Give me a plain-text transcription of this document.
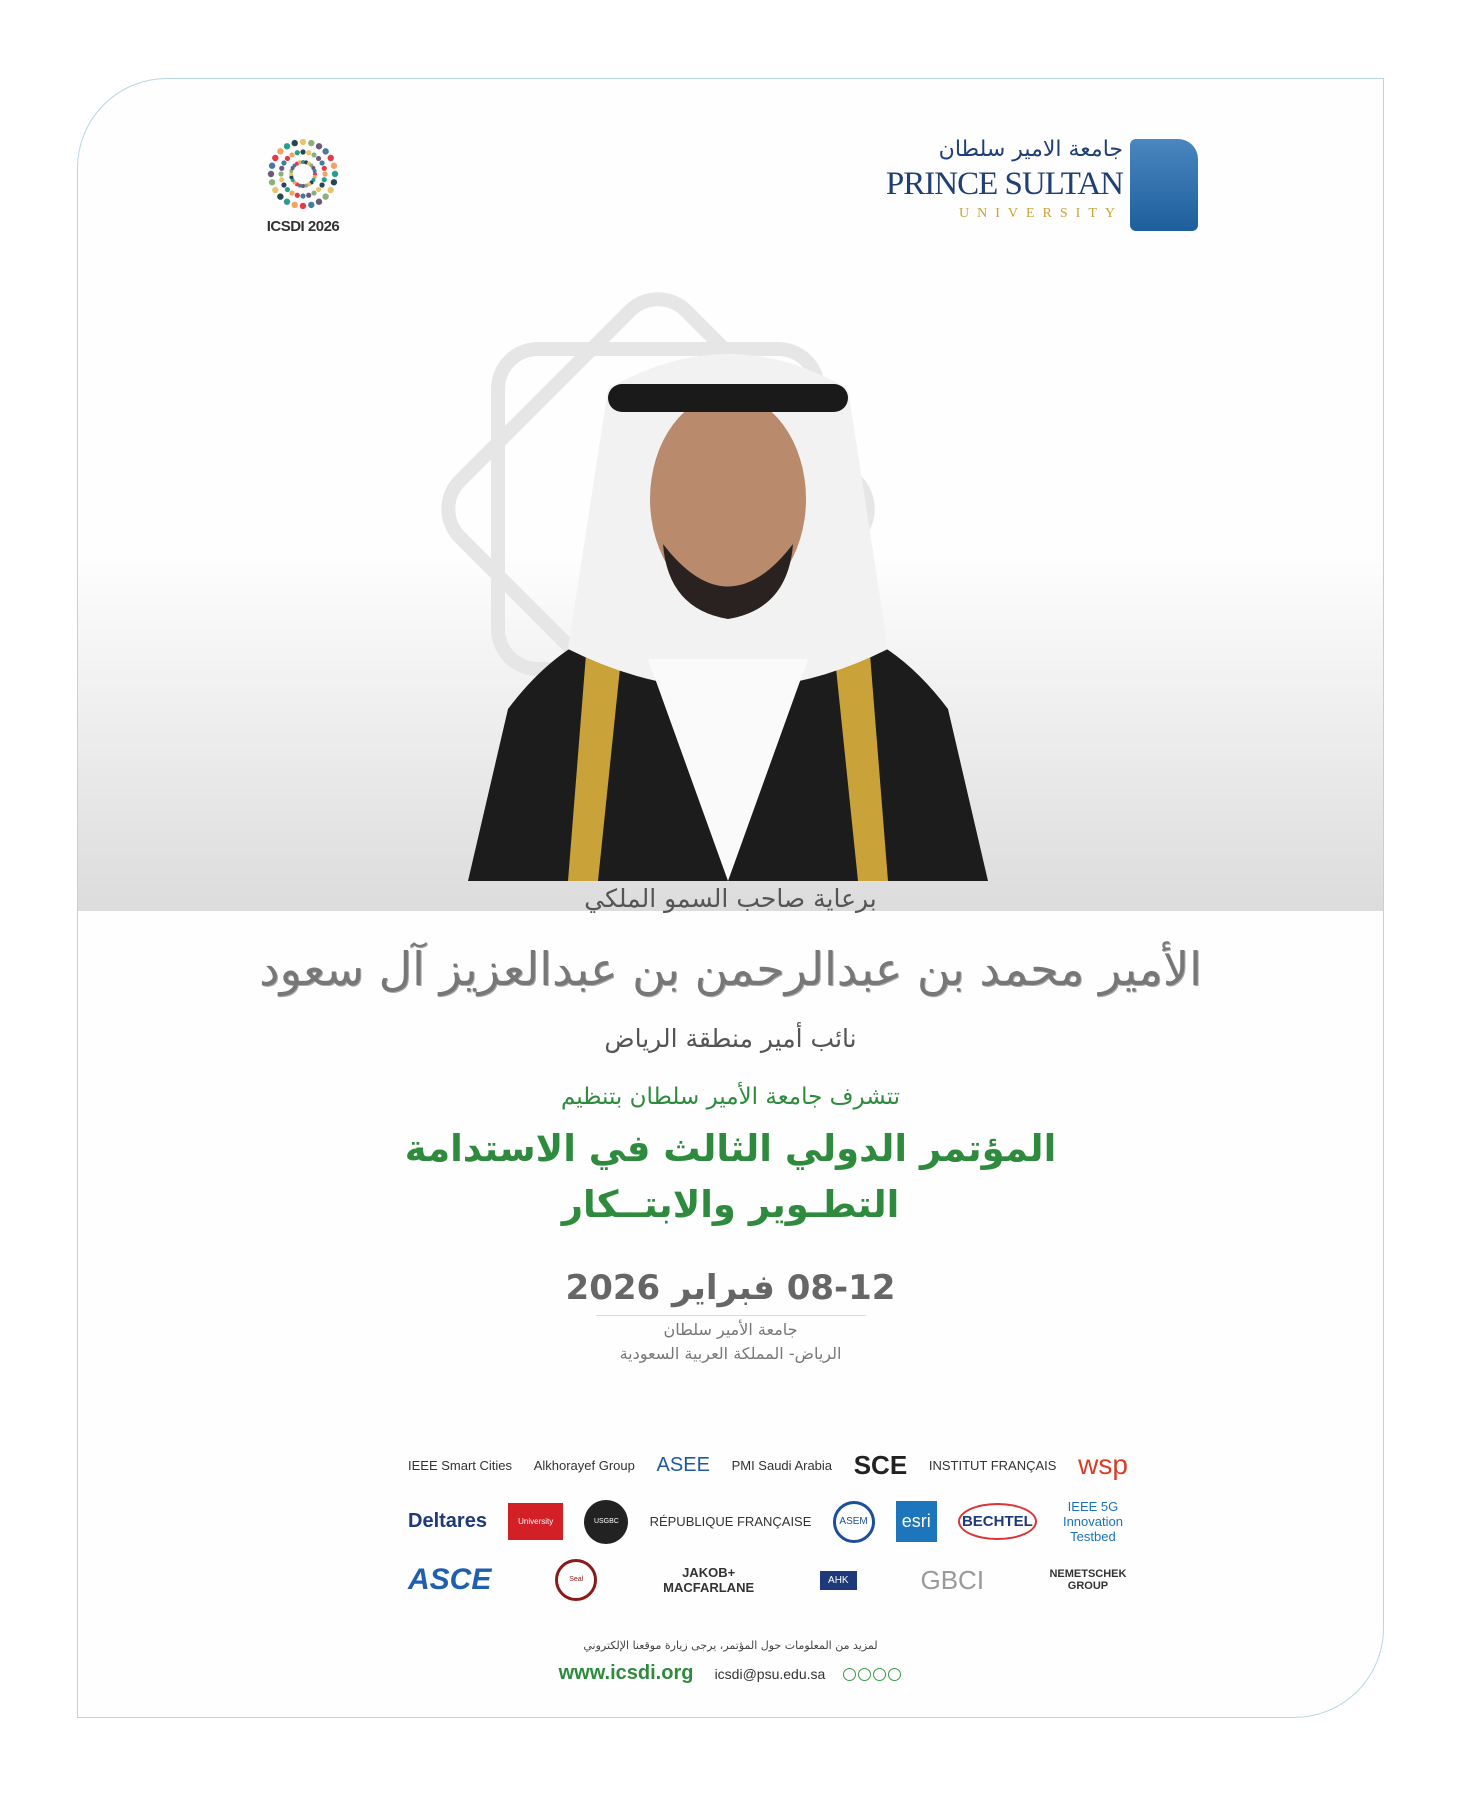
ICSDI 2026
جامعة الامير سلطان
PRINCE SULTAN
UNIVERSITY
برعاية صاحب السمو الملكي
الأمير محمد بن عبدالرحمن بن عبدالعزيز آل سعود
نائب أمير منطقة الرياض
تتشرف جامعة الأمير سلطان بتنظيم
المؤتمر الدولي الثالث في الاستدامة
التطـوير والابتــكار
08-12 فبراير 2026
جامعة الأمير سلطان
الرياض- المملكة العربية السعودية
IEEE Smart Cities Alkhorayef Group ASEE PMI Saudi Arabia SCE INSTITUT FRANÇAIS wsp
Deltares	University	USGBC	RÉPUBLIQUE FRANÇAISE	ASEM	esri	BECHTEL
IEEE 5G Innovation Testbed
ASCE	Seal	JAKOB+ MACFARLANE	AHK	GBCI	NEMETSCHEK GROUP
لمزيد من المعلومات حول المؤتمر، يرجى زيارة موقعنا الإلكتروني
www.icsdi.org icsdi@psu.edu.sa
